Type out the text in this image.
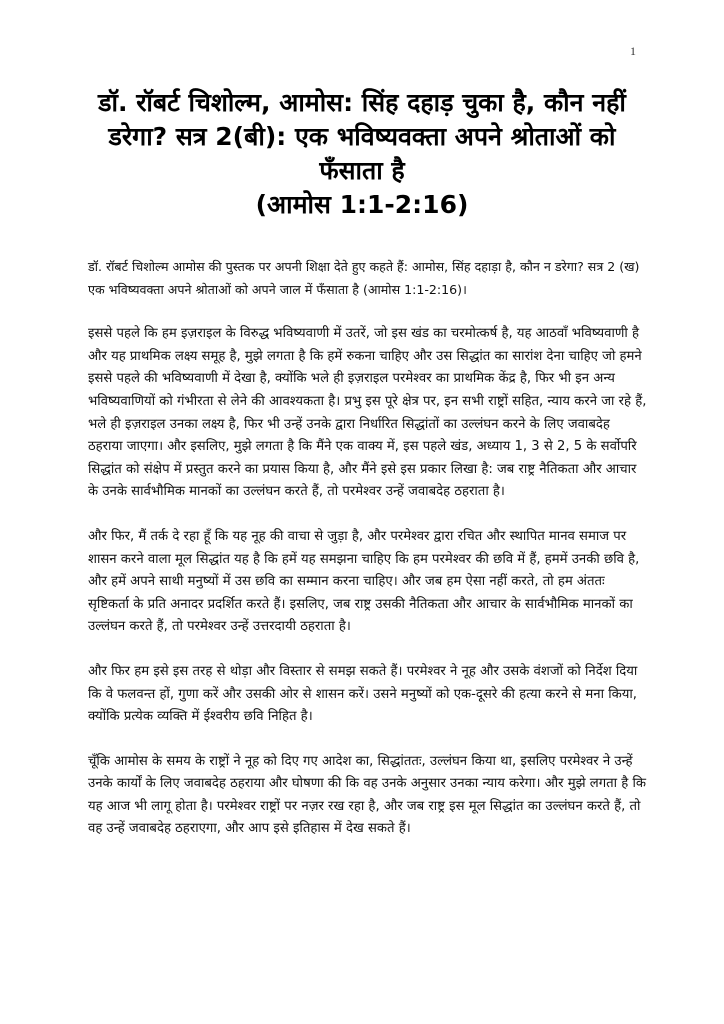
1
डॉ. रॉबर्ट चिशोल्म, आमोस: सिंह दहाड़ चुका है, कौन नहीं डरेगा? सत्र 2(बी): एक भविष्यवक्ता अपने श्रोताओं को फँसाता है
(आमोस 1:1-2:16)

डॉ. रॉबर्ट चिशोल्म आमोस की पुस्तक पर अपनी शिक्षा देते हुए कहते हैं: आमोस, सिंह दहाड़ा है, कौन न डरेगा? सत्र 2 (ख) एक भविष्यवक्ता अपने श्रोताओं को अपने जाल में फँसाता है (आमोस 1:1-2:16)।

इससे पहले कि हम इज़राइल के विरुद्ध भविष्यवाणी में उतरें, जो इस खंड का चरमोत्कर्ष है, यह आठवाँ भविष्यवाणी है और यह प्राथमिक लक्ष्य समूह है, मुझे लगता है कि हमें रुकना चाहिए और उस सिद्धांत का सारांश देना चाहिए जो हमने इससे पहले की भविष्यवाणी में देखा है, क्योंकि भले ही इज़राइल परमेश्वर का प्राथमिक केंद्र है, फिर भी इन अन्य भविष्यवाणियों को गंभीरता से लेने की आवश्यकता है। प्रभु इस पूरे क्षेत्र पर, इन सभी राष्ट्रों सहित, न्याय करने जा रहे हैं, भले ही इज़राइल उनका लक्ष्य है, फिर भी उन्हें उनके द्वारा निर्धारित सिद्धांतों का उल्लंघन करने के लिए जवाबदेह ठहराया जाएगा। और इसलिए, मुझे लगता है कि मैंने एक वाक्य में, इस पहले खंड, अध्याय 1, 3 से 2, 5 के सर्वोपरि सिद्धांत को संक्षेप में प्रस्तुत करने का प्रयास किया है, और मैंने इसे इस प्रकार लिखा है: जब राष्ट्र नैतिकता और आचार के उनके सार्वभौमिक मानकों का उल्लंघन करते हैं, तो परमेश्वर उन्हें जवाबदेह ठहराता है।

और फिर, मैं तर्क दे रहा हूँ कि यह नूह की वाचा से जुड़ा है, और परमेश्वर द्वारा रचित और स्थापित मानव समाज पर शासन करने वाला मूल सिद्धांत यह है कि हमें यह समझना चाहिए कि हम परमेश्वर की छवि में हैं, हममें उनकी छवि है, और हमें अपने साथी मनुष्यों में उस छवि का सम्मान करना चाहिए। और जब हम ऐसा नहीं करते, तो हम अंततः सृष्टिकर्ता के प्रति अनादर प्रदर्शित करते हैं। इसलिए, जब राष्ट्र उसकी नैतिकता और आचार के सार्वभौमिक मानकों का उल्लंघन करते हैं, तो परमेश्वर उन्हें उत्तरदायी ठहराता है।

और फिर हम इसे इस तरह से थोड़ा और विस्तार से समझ सकते हैं। परमेश्वर ने नूह और उसके वंशजों को निर्देश दिया कि वे फलवन्त हों, गुणा करें और उसकी ओर से शासन करें। उसने मनुष्यों को एक-दूसरे की हत्या करने से मना किया, क्योंकि प्रत्येक व्यक्ति में ईश्वरीय छवि निहित है।

चूँकि आमोस के समय के राष्ट्रों ने नूह को दिए गए आदेश का, सिद्धांततः, उल्लंघन किया था, इसलिए परमेश्वर ने उन्हें उनके कार्यों के लिए जवाबदेह ठहराया और घोषणा की कि वह उनके अनुसार उनका न्याय करेगा। और मुझे लगता है कि यह आज भी लागू होता है। परमेश्वर राष्ट्रों पर नज़र रख रहा है, और जब राष्ट्र इस मूल सिद्धांत का उल्लंघन करते हैं, तो वह उन्हें जवाबदेह ठहराएगा, और आप इसे इतिहास में देख सकते हैं।
